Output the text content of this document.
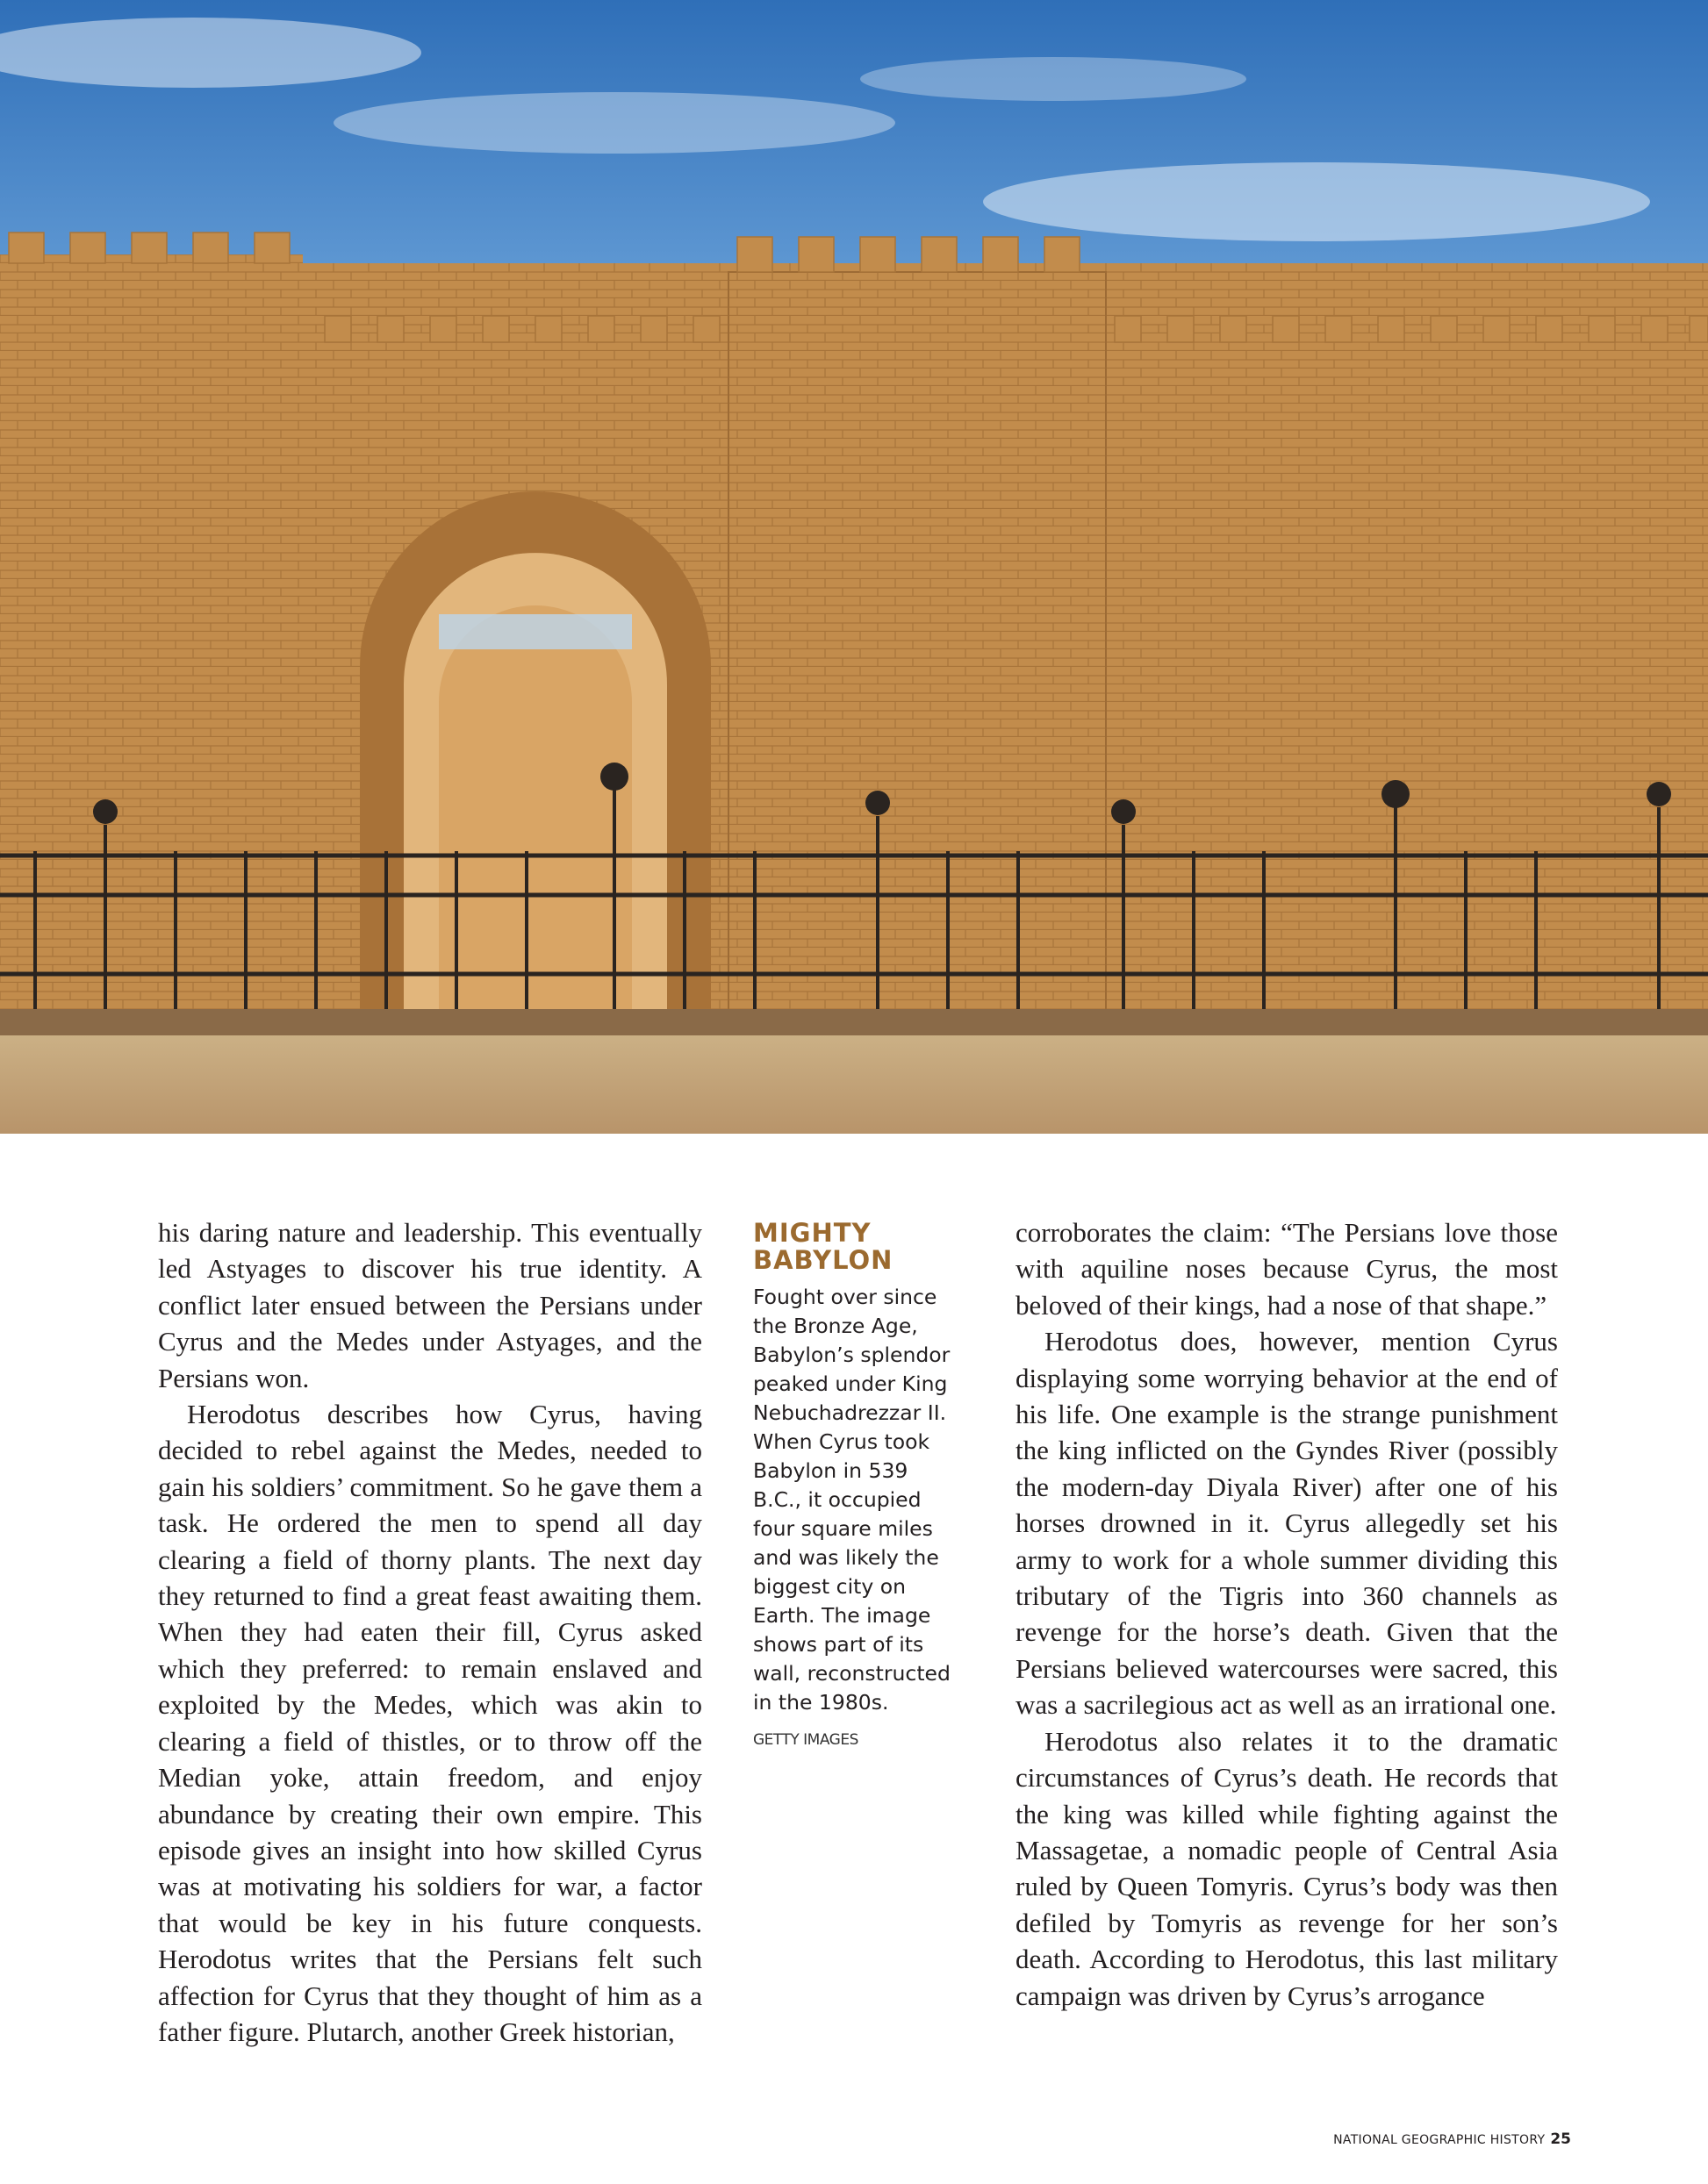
his daring nature and leadership. This eventually led Astyages to discover his true identity. A conflict later ensued between the Persians under Cyrus and the Medes under Astyages, and the Persians won.

Herodotus describes how Cyrus, having decided to rebel against the Medes, needed to gain his soldiers’ commitment. So he gave them a task. He ordered the men to spend all day clearing a field of thorny plants. The next day they returned to find a great feast awaiting them. When they had eaten their fill, Cyrus asked which they preferred: to remain enslaved and exploited by the Medes, which was akin to clearing a field of thistles, or to throw off the Median yoke, attain freedom, and enjoy abundance by creating their own empire. This episode gives an insight into how skilled Cyrus was at motivating his soldiers for war, a factor that would be key in his future conquests. Herodotus writes that the Persians felt such affection for Cyrus that they thought of him as a father figure. Plutarch, another Greek historian,

MIGHTY
BABYLON
Fought over since the Bronze Age, Babylon’s splendor peaked under King Nebuchadrezzar II. When Cyrus took Babylon in 539 B.C., it occupied four square miles and was likely the biggest city on Earth. The image shows part of its wall, reconstructed in the 1980s.
GETTY IMAGES

corroborates the claim: “The Persians love those with aquiline noses because Cyrus, the most beloved of their kings, had a nose of that shape.”

Herodotus does, however, mention Cyrus displaying some worrying behavior at the end of his life. One example is the strange punishment the king inflicted on the Gyndes River (possibly the modern-day Diyala River) after one of his horses drowned in it. Cyrus allegedly set his army to work for a whole summer dividing this tributary of the Tigris into 360 channels as revenge for the horse’s death. Given that the Persians believed watercourses were sacred, this was a sacrilegious act as well as an irrational one.

Herodotus also relates it to the dramatic circumstances of Cyrus’s death. He records that the king was killed while fighting against the Massagetae, a nomadic people of Central Asia ruled by Queen Tomyris. Cyrus’s body was then defiled by Tomyris as revenge for her son’s death. According to Herodotus, this last military campaign was driven by Cyrus’s arrogance

NATIONAL GEOGRAPHIC HISTORY 25
